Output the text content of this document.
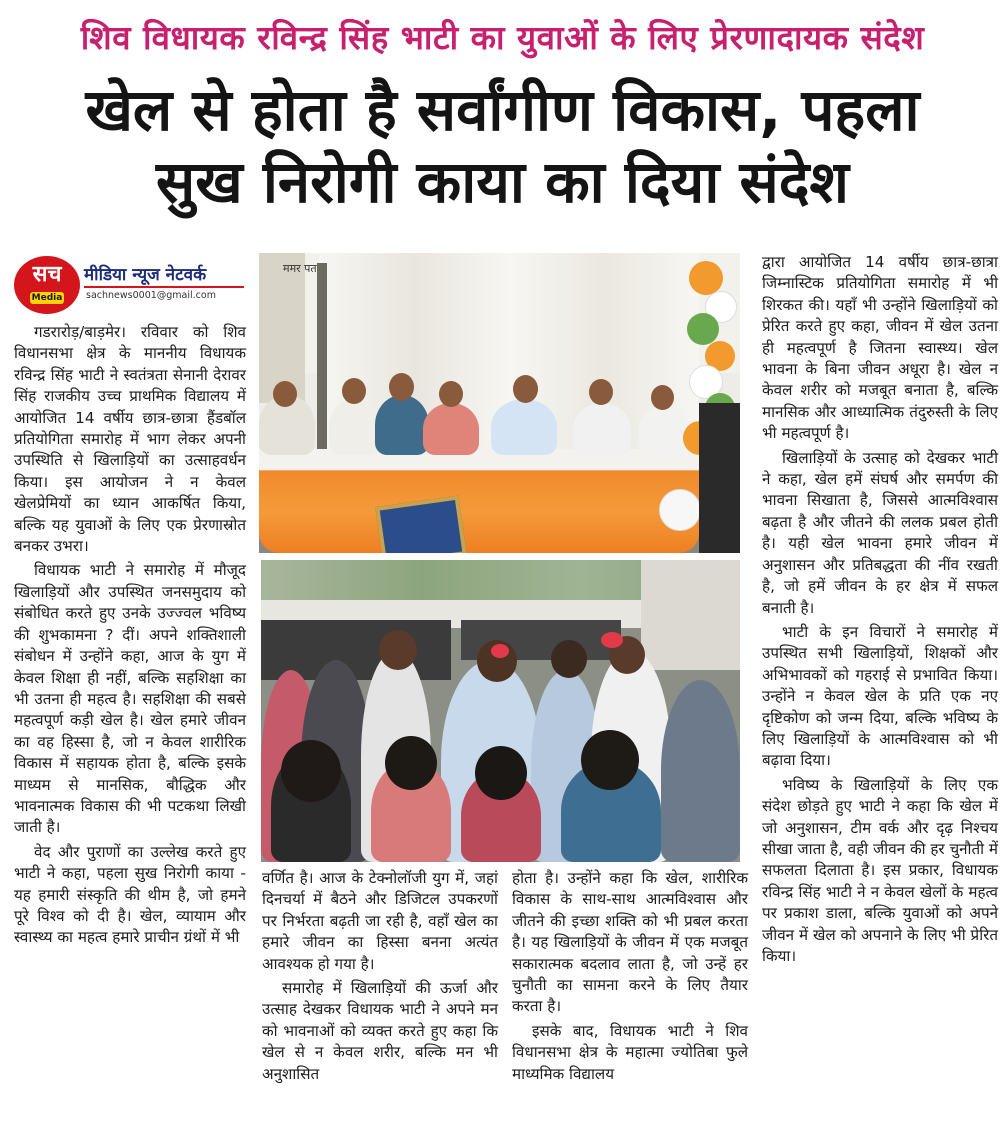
शिव विधायक रविन्द्र सिंह भाटी का युवाओं के लिए प्रेरणादायक संदेश
खेल से होता है सर्वांगीण विकास, पहला
सुख निरोगी काया का दिया संदेश
सच
Media
मीडिया न्यूज नेटवर्क
sachnews0001@gmail.com

गडरारोड़/बाड़मेर। रविवार को शिव विधानसभा क्षेत्र के माननीय विधायक रविन्द्र सिंह भाटी ने स्वतंत्रता सेनानी देरावर सिंह राजकीय उच्च प्राथमिक विद्यालय में आयोजित 14 वर्षीय छात्र-छात्रा हैंडबॉल प्रतियोगिता समारोह में भाग लेकर अपनी उपस्थिति से खिलाड़ियों का उत्साहवर्धन किया। इस आयोजन ने न केवल खेलप्रेमियों का ध्यान आकर्षित किया, बल्कि यह युवाओं के लिए एक प्रेरणास्रोत बनकर उभरा।

विधायक भाटी ने समारोह में मौजूद खिलाड़ियों और उपस्थित जनसमुदाय को संबोधित करते हुए उनके उज्ज्वल भविष्य की शुभकामना ? दीं। अपने शक्तिशाली संबोधन में उन्होंने कहा, आज के युग में केवल शिक्षा ही नहीं, बल्कि सहशिक्षा का भी उतना ही महत्व है। सहशिक्षा की सबसे महत्वपूर्ण कड़ी खेल है। खेल हमारे जीवन का वह हिस्सा है, जो न केवल शारीरिक विकास में सहायक होता है, बल्कि इसके माध्यम से मानसिक, बौद्धिक और भावनात्मक विकास की भी पटकथा लिखी जाती है।

वेद और पुराणों का उल्लेख करते हुए भाटी ने कहा, पहला सुख निरोगी काया - यह हमारी संस्कृति की थीम है, जो हमने पूरे विश्व को दी है। खेल, व्यायाम और स्वास्थ्य का महत्व हमारे प्राचीन ग्रंथों में भी

ममर पत

वर्णित है। आज के टेक्नोलॉजी युग में, जहां दिनचर्या में बैठने और डिजिटल उपकरणों पर निर्भरता बढ़ती जा रही है, वहाँ खेल का हमारे जीवन का हिस्सा बनना अत्यंत आवश्यक हो गया है।

समारोह में खिलाड़ियों की ऊर्जा और उत्साह देखकर विधायक भाटी ने अपने मन को भावनाओं को व्यक्त करते हुए कहा कि खेल से न केवल शरीर, बल्कि मन भी अनुशासित

होता है। उन्होंने कहा कि खेल, शारीरिक विकास के साथ-साथ आत्मविश्वास और जीतने की इच्छा शक्ति को भी प्रबल करता है। यह खिलाड़ियों के जीवन में एक मजबूत सकारात्मक बदलाव लाता है, जो उन्हें हर चुनौती का सामना करने के लिए तैयार करता है।

इसके बाद, विधायक भाटी ने शिव विधानसभा क्षेत्र के महात्मा ज्योतिबा फुले माध्यमिक विद्यालय

द्वारा आयोजित 14 वर्षीय छात्र-छात्रा जिम्नास्टिक प्रतियोगिता समारोह में भी शिरकत की। यहाँ भी उन्होंने खिलाड़ियों को प्रेरित करते हुए कहा, जीवन में खेल उतना ही महत्वपूर्ण है जितना स्वास्थ्य। खेल भावना के बिना जीवन अधूरा है। खेल न केवल शरीर को मजबूत बनाता है, बल्कि मानसिक और आध्यात्मिक तंदुरुस्ती के लिए भी महत्वपूर्ण है।

खिलाड़ियों के उत्साह को देखकर भाटी ने कहा, खेल हमें संघर्ष और समर्पण की भावना सिखाता है, जिससे आत्मविश्वास बढ़ता है और जीतने की ललक प्रबल होती है। यही खेल भावना हमारे जीवन में अनुशासन और प्रतिबद्धता की नींव रखती है, जो हमें जीवन के हर क्षेत्र में सफल बनाती है।

भाटी के इन विचारों ने समारोह में उपस्थित सभी खिलाड़ियों, शिक्षकों और अभिभावकों को गहराई से प्रभावित किया। उन्होंने न केवल खेल के प्रति एक नए दृष्टिकोण को जन्म दिया, बल्कि भविष्य के लिए खिलाड़ियों के आत्मविश्वास को भी बढ़ावा दिया।

भविष्य के खिलाड़ियों के लिए एक संदेश छोड़ते हुए भाटी ने कहा कि खेल में जो अनुशासन, टीम वर्क और दृढ़ निश्चय सीखा जाता है, वही जीवन की हर चुनौती में सफलता दिलाता है। इस प्रकार, विधायक रविन्द्र सिंह भाटी ने न केवल खेलों के महत्व पर प्रकाश डाला, बल्कि युवाओं को अपने जीवन में खेल को अपनाने के लिए भी प्रेरित किया।
